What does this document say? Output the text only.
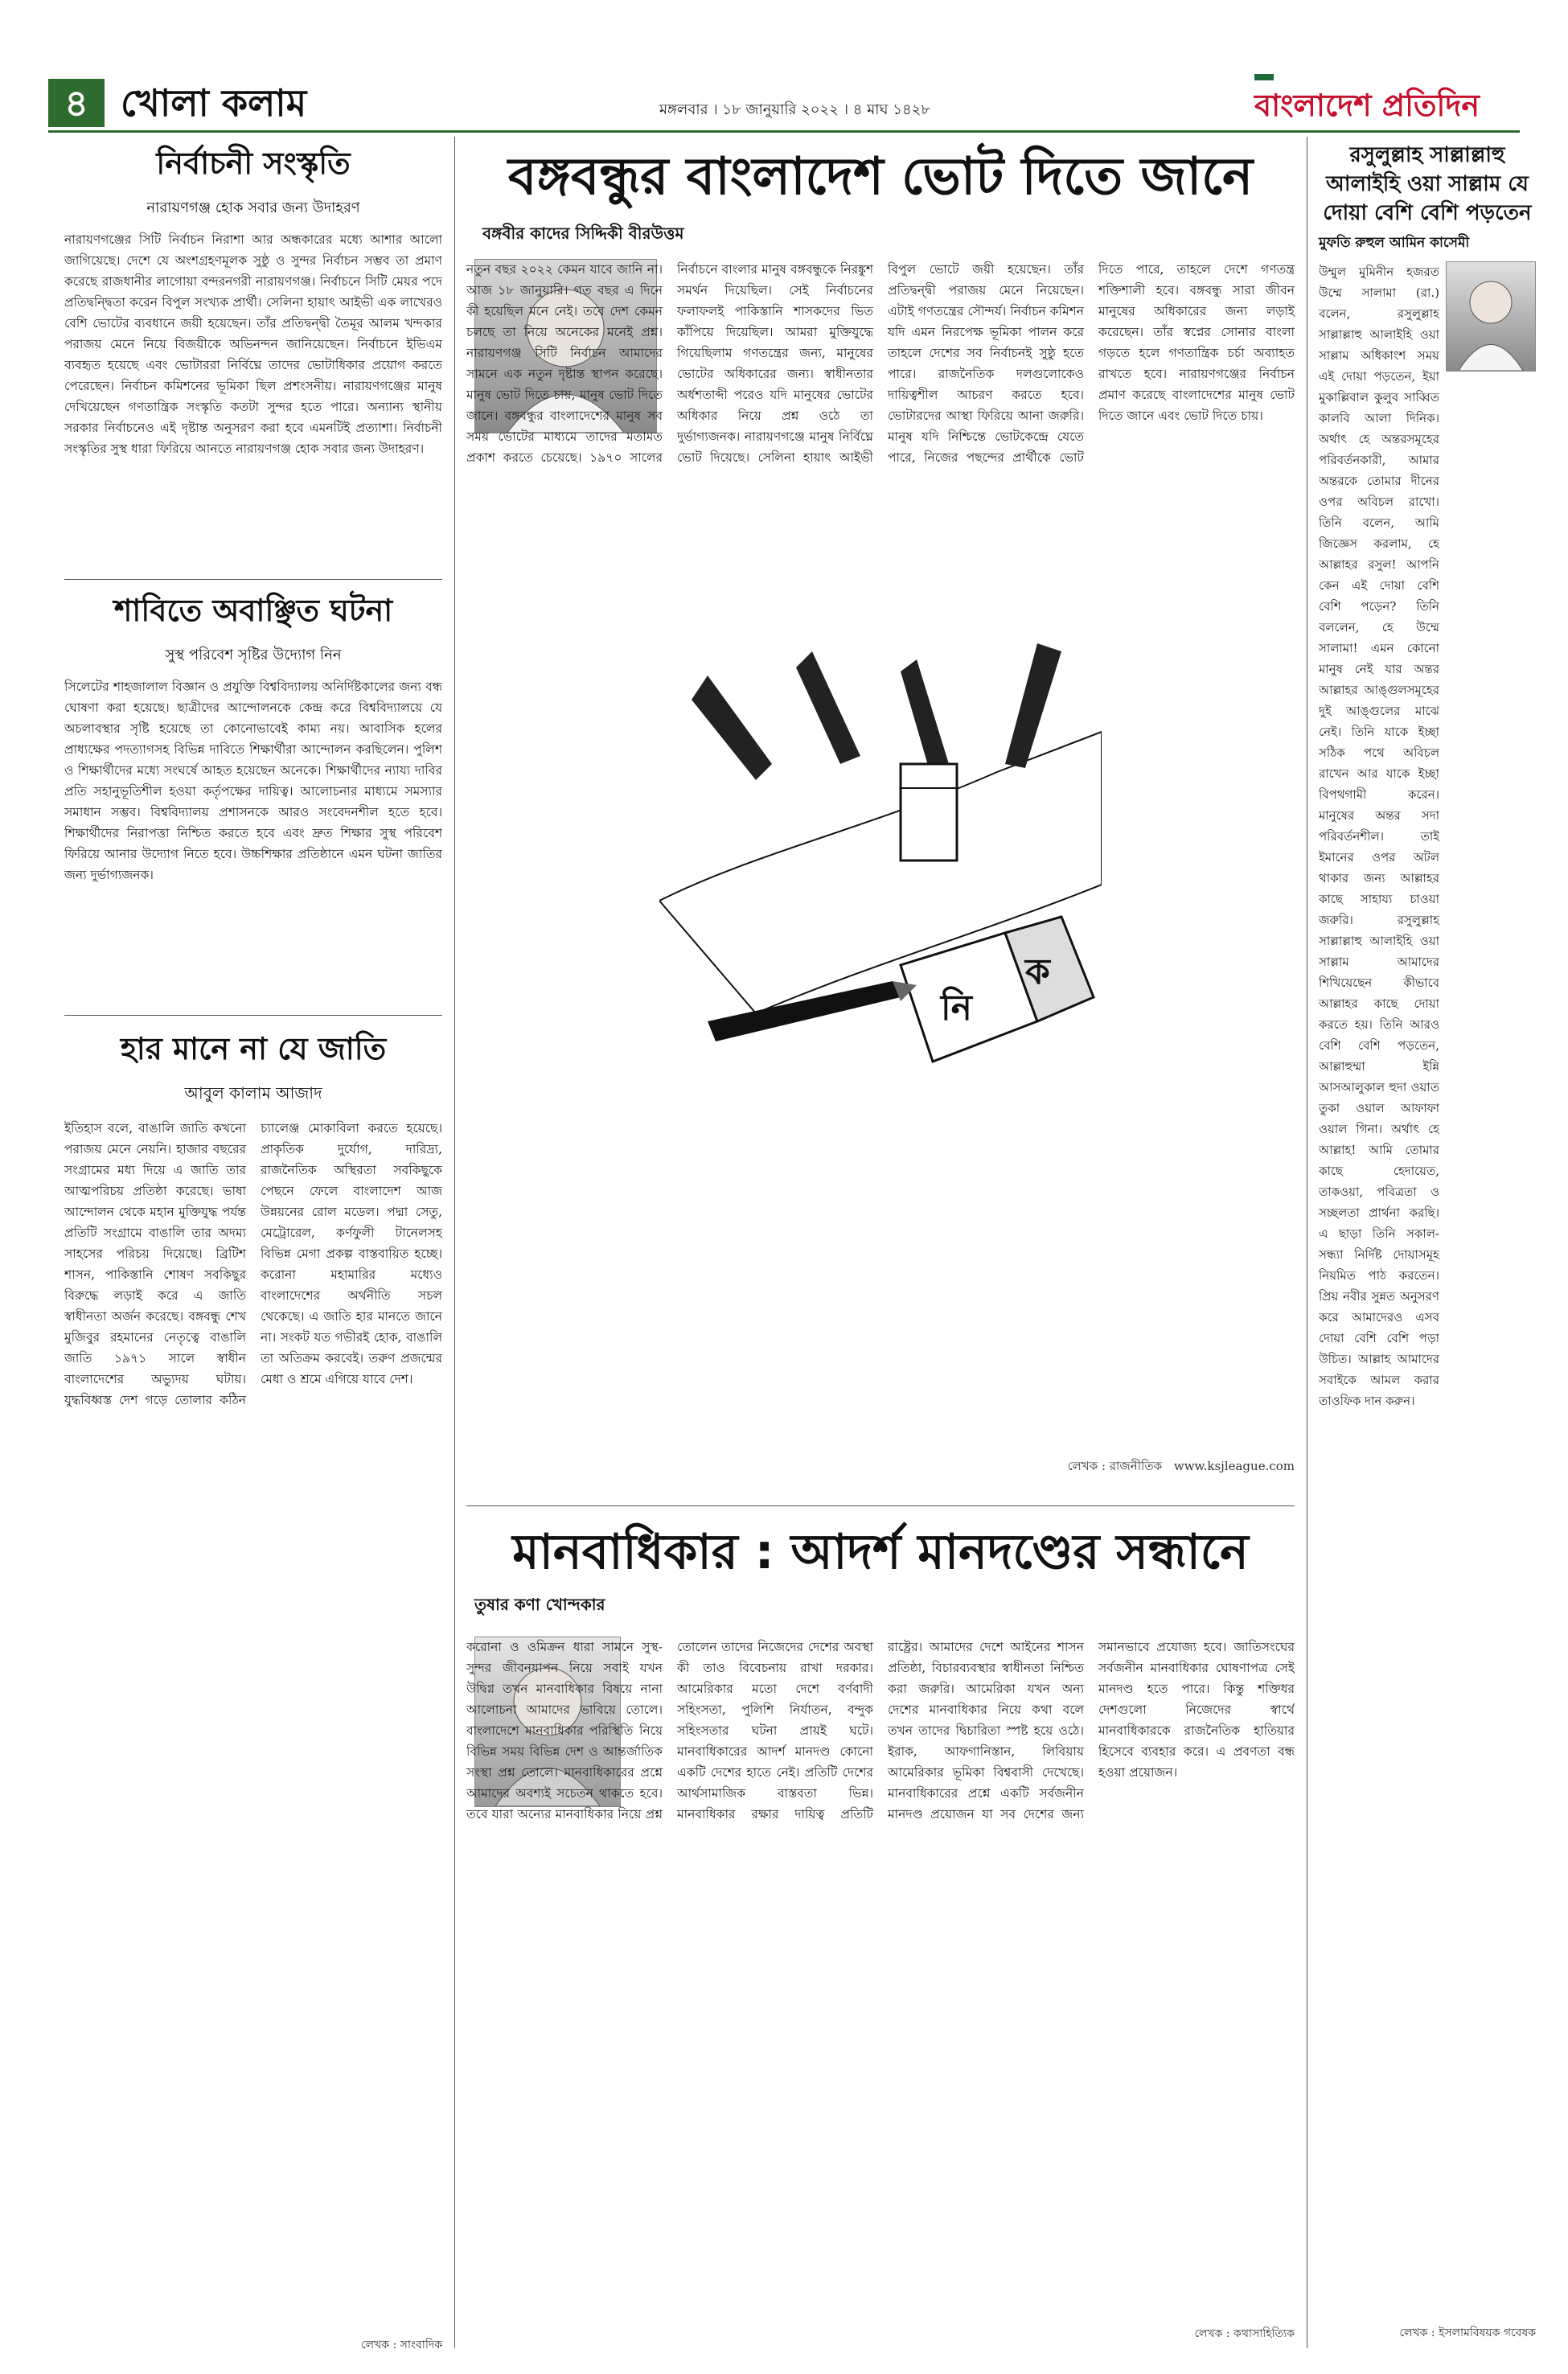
৪ খোলা কলাম	মঙ্গলবার । ১৮ জানুয়ারি ২০২২ । ৪ মাঘ ১৪২৮	বাংলাদেশ প্রতিদিন
নির্বাচনী সংস্কৃতি
নারায়ণগঞ্জ হোক সবার জন্য উদাহরণ
নারায়ণগঞ্জের সিটি নির্বাচন নিরাশা আর অন্ধকারের মধ্যে আশার আলো জাগিয়েছে। দেশে যে অংশগ্রহণমূলক সুষ্ঠু ও সুন্দর নির্বাচন সম্ভব তা প্রমাণ করেছে রাজধানীর লাগোয়া বন্দরনগরী নারায়ণগঞ্জ। নির্বাচনে সিটি মেয়র পদে প্রতিদ্বন্দ্বিতা করেন বিপুল সংখ্যক প্রার্থী। সেলিনা হায়াৎ আইভী এক লাখেরও বেশি ভোটের ব্যবধানে জয়ী হয়েছেন। তাঁর প্রতিদ্বন্দ্বী তৈমূর আলম খন্দকার পরাজয় মেনে নিয়ে বিজয়ীকে অভিনন্দন জানিয়েছেন। নির্বাচনে ইভিএম ব্যবহৃত হয়েছে এবং ভোটাররা নির্বিঘ্নে তাদের ভোটাধিকার প্রয়োগ করতে পেরেছেন। নির্বাচন কমিশনের ভূমিকা ছিল প্রশংসনীয়। নারায়ণগঞ্জের মানুষ দেখিয়েছেন গণতান্ত্রিক সংস্কৃতি কতটা সুন্দর হতে পারে। অন্যান্য স্থানীয় সরকার নির্বাচনেও এই দৃষ্টান্ত অনুসরণ করা হবে এমনটিই প্রত্যাশা। নির্বাচনী সংস্কৃতির সুস্থ ধারা ফিরিয়ে আনতে নারায়ণগঞ্জ হোক সবার জন্য উদাহরণ।
শাবিতে অবাঞ্ছিত ঘটনা
সুস্থ পরিবেশ সৃষ্টির উদ্যোগ নিন
সিলেটের শাহজালাল বিজ্ঞান ও প্রযুক্তি বিশ্ববিদ্যালয় অনির্দিষ্টকালের জন্য বন্ধ ঘোষণা করা হয়েছে। ছাত্রীদের আন্দোলনকে কেন্দ্র করে বিশ্ববিদ্যালয়ে যে অচলাবস্থার সৃষ্টি হয়েছে তা কোনোভাবেই কাম্য নয়। আবাসিক হলের প্রাধ্যক্ষের পদত্যাগসহ বিভিন্ন দাবিতে শিক্ষার্থীরা আন্দোলন করছিলেন। পুলিশ ও শিক্ষার্থীদের মধ্যে সংঘর্ষে আহত হয়েছেন অনেকে। শিক্ষার্থীদের ন্যায্য দাবির প্রতি সহানুভূতিশীল হওয়া কর্তৃপক্ষের দায়িত্ব। আলোচনার মাধ্যমে সমস্যার সমাধান সম্ভব। বিশ্ববিদ্যালয় প্রশাসনকে আরও সংবেদনশীল হতে হবে। শিক্ষার্থীদের নিরাপত্তা নিশ্চিত করতে হবে এবং দ্রুত শিক্ষার সুস্থ পরিবেশ ফিরিয়ে আনার উদ্যোগ নিতে হবে। উচ্চশিক্ষার প্রতিষ্ঠানে এমন ঘটনা জাতির জন্য দুর্ভাগ্যজনক।
হার মানে না যে জাতি
আবুল কালাম আজাদ
ইতিহাস বলে, বাঙালি জাতি কখনো পরাজয় মেনে নেয়নি। হাজার বছরের সংগ্রামের মধ্য দিয়ে এ জাতি তার আত্মপরিচয় প্রতিষ্ঠা করেছে। ভাষা আন্দোলন থেকে মহান মুক্তিযুদ্ধ পর্যন্ত প্রতিটি সংগ্রামে বাঙালি তার অদম্য সাহসের পরিচয় দিয়েছে। ব্রিটিশ শাসন, পাকিস্তানি শোষণ সবকিছুর বিরুদ্ধে লড়াই করে এ জাতি স্বাধীনতা অর্জন করেছে। বঙ্গবন্ধু শেখ মুজিবুর রহমানের নেতৃত্বে বাঙালি জাতি ১৯৭১ সালে স্বাধীন বাংলাদেশের অভ্যুদয় ঘটায়। যুদ্ধবিধ্বস্ত দেশ গড়ে তোলার কঠিন চ্যালেঞ্জ মোকাবিলা করতে হয়েছে। প্রাকৃতিক দুর্যোগ, দারিদ্র্য, রাজনৈতিক অস্থিরতা সবকিছুকে পেছনে ফেলে বাংলাদেশ আজ উন্নয়নের রোল মডেল। পদ্মা সেতু, মেট্রোরেল, কর্ণফুলী টানেলসহ বিভিন্ন মেগা প্রকল্প বাস্তবায়িত হচ্ছে। করোনা মহামারির মধ্যেও বাংলাদেশের অর্থনীতি সচল থেকেছে। এ জাতি হার মানতে জানে না। সংকট যত গভীরই হোক, বাঙালি তা অতিক্রম করবেই। তরুণ প্রজন্মের মেধা ও শ্রমে এগিয়ে যাবে দেশ।
লেখক : সাংবাদিক
বঙ্গবন্ধুর বাংলাদেশ ভোট দিতে জানে
বঙ্গবীর কাদের সিদ্দিকী বীরউত্তম
নতুন বছর ২০২২ কেমন যাবে জানি না। আজ ১৮ জানুয়ারি। গত বছর এ দিনে কী হয়েছিল মনে নেই। তবে দেশ কেমন চলছে তা নিয়ে অনেকের মনেই প্রশ্ন। নারায়ণগঞ্জ সিটি নির্বাচন আমাদের সামনে এক নতুন দৃষ্টান্ত স্থাপন করেছে। মানুষ ভোট দিতে চায়, মানুষ ভোট দিতে জানে। বঙ্গবন্ধুর বাংলাদেশের মানুষ সব সময় ভোটের মাধ্যমে তাদের মতামত প্রকাশ করতে চেয়েছে। ১৯৭০ সালের নির্বাচনে বাংলার মানুষ বঙ্গবন্ধুকে নিরঙ্কুশ সমর্থন দিয়েছিল। সেই নির্বাচনের ফলাফলই পাকিস্তানি শাসকদের ভিত কাঁপিয়ে দিয়েছিল। আমরা মুক্তিযুদ্ধে গিয়েছিলাম গণতন্ত্রের জন্য, মানুষের ভোটের অধিকারের জন্য। স্বাধীনতার অর্ধশতাব্দী পরেও যদি মানুষের ভোটের অধিকার নিয়ে প্রশ্ন ওঠে তা দুর্ভাগ্যজনক। নারায়ণগঞ্জে মানুষ নির্বিঘ্নে ভোট দিয়েছে। সেলিনা হায়াৎ আইভী বিপুল ভোটে জয়ী হয়েছেন। তাঁর প্রতিদ্বন্দ্বী পরাজয় মেনে নিয়েছেন। এটাই গণতন্ত্রের সৌন্দর্য। নির্বাচন কমিশন যদি এমন নিরপেক্ষ ভূমিকা পালন করে তাহলে দেশের সব নির্বাচনই সুষ্ঠু হতে পারে। রাজনৈতিক দলগুলোকেও দায়িত্বশীল আচরণ করতে হবে। ভোটারদের আস্থা ফিরিয়ে আনা জরুরি। মানুষ যদি নিশ্চিন্তে ভোটকেন্দ্রে যেতে পারে, নিজের পছন্দের প্রার্থীকে ভোট দিতে পারে, তাহলে দেশে গণতন্ত্র শক্তিশালী হবে। বঙ্গবন্ধু সারা জীবন মানুষের অধিকারের জন্য লড়াই করেছেন। তাঁর স্বপ্নের সোনার বাংলা গড়তে হলে গণতান্ত্রিক চর্চা অব্যাহত রাখতে হবে। নারায়ণগঞ্জের নির্বাচন প্রমাণ করেছে বাংলাদেশের মানুষ ভোট দিতে জানে এবং ভোট দিতে চায়।
লেখক : রাজনীতিক www.ksjleague.com
নি
ক
মানবাধিকার : আদর্শ মানদণ্ডের সন্ধানে
তুষার কণা খোন্দকার
করোনা ও ওমিক্রন ধারা সামনে সুস্থ-সুন্দর জীবনযাপন নিয়ে সবাই যখন উদ্বিগ্ন তখন মানবাধিকার বিষয়ে নানা আলোচনা আমাদের ভাবিয়ে তোলে। বাংলাদেশে মানবাধিকার পরিস্থিতি নিয়ে বিভিন্ন সময় বিভিন্ন দেশ ও আন্তর্জাতিক সংস্থা প্রশ্ন তোলে। মানবাধিকারের প্রশ্নে আমাদের অবশ্যই সচেতন থাকতে হবে। তবে যারা অন্যের মানবাধিকার নিয়ে প্রশ্ন তোলেন তাদের নিজেদের দেশের অবস্থা কী তাও বিবেচনায় রাখা দরকার। আমেরিকার মতো দেশে বর্ণবাদী সহিংসতা, পুলিশি নির্যাতন, বন্দুক সহিংসতার ঘটনা প্রায়ই ঘটে। মানবাধিকারের আদর্শ মানদণ্ড কোনো একটি দেশের হাতে নেই। প্রতিটি দেশের আর্থসামাজিক বাস্তবতা ভিন্ন। মানবাধিকার রক্ষার দায়িত্ব প্রতিটি রাষ্ট্রের। আমাদের দেশে আইনের শাসন প্রতিষ্ঠা, বিচারব্যবস্থার স্বাধীনতা নিশ্চিত করা জরুরি। আমেরিকা যখন অন্য দেশের মানবাধিকার নিয়ে কথা বলে তখন তাদের দ্বিচারিতা স্পষ্ট হয়ে ওঠে। ইরাক, আফগানিস্তান, লিবিয়ায় আমেরিকার ভূমিকা বিশ্ববাসী দেখেছে। মানবাধিকারের প্রশ্নে একটি সর্বজনীন মানদণ্ড প্রয়োজন যা সব দেশের জন্য সমানভাবে প্রযোজ্য হবে। জাতিসংঘের সর্বজনীন মানবাধিকার ঘোষণাপত্র সেই মানদণ্ড হতে পারে। কিন্তু শক্তিধর দেশগুলো নিজেদের স্বার্থে মানবাধিকারকে রাজনৈতিক হাতিয়ার হিসেবে ব্যবহার করে। এ প্রবণতা বন্ধ হওয়া প্রয়োজন।
লেখক : কথাসাহিত্যিক
রসুলুল্লাহ সাল্লাল্লাহু আলাইহি ওয়া সাল্লাম যে দোয়া বেশি বেশি পড়তেন
মুফতি রুহুল আমিন কাসেমী
উম্মুল মুমিনীন হজরত উম্মে সালামা (রা.) বলেন, রসুলুল্লাহ সাল্লাল্লাহু আলাইহি ওয়া সাল্লাম অধিকাংশ সময় এই দোয়া পড়তেন, ইয়া মুকাল্লিবাল কুলুব সাব্বিত কালবি আলা দিনিক। অর্থাৎ হে অন্তরসমূহের পরিবর্তনকারী, আমার অন্তরকে তোমার দীনের ওপর অবিচল রাখো। তিনি বলেন, আমি জিজ্ঞেস করলাম, হে আল্লাহর রসুল! আপনি কেন এই দোয়া বেশি বেশি পড়েন? তিনি বললেন, হে উম্মে সালামা! এমন কোনো মানুষ নেই যার অন্তর আল্লাহর আঙ্গুলসমূহের দুই আঙ্গুলের মাঝে নেই। তিনি যাকে ইচ্ছা সঠিক পথে অবিচল রাখেন আর যাকে ইচ্ছা বিপথগামী করেন। মানুষের অন্তর সদা পরিবর্তনশীল। তাই ইমানের ওপর অটল থাকার জন্য আল্লাহর কাছে সাহায্য চাওয়া জরুরি। রসুলুল্লাহ সাল্লাল্লাহু আলাইহি ওয়া সাল্লাম আমাদের শিখিয়েছেন কীভাবে আল্লাহর কাছে দোয়া করতে হয়। তিনি আরও বেশি বেশি পড়তেন, আল্লাহুম্মা ইন্নি আসআলুকাল হুদা ওয়াত তুকা ওয়াল আফাফা ওয়াল গিনা। অর্থাৎ হে আল্লাহ! আমি তোমার কাছে হেদায়েত, তাকওয়া, পবিত্রতা ও সচ্ছলতা প্রার্থনা করছি। এ ছাড়া তিনি সকাল-সন্ধ্যা নির্দিষ্ট দোয়াসমূহ নিয়মিত পাঠ করতেন। প্রিয় নবীর সুন্নত অনুসরণ করে আমাদেরও এসব দোয়া বেশি বেশি পড়া উচিত। আল্লাহ আমাদের সবাইকে আমল করার তাওফিক দান করুন।
লেখক : ইসলামবিষয়ক গবেষক
